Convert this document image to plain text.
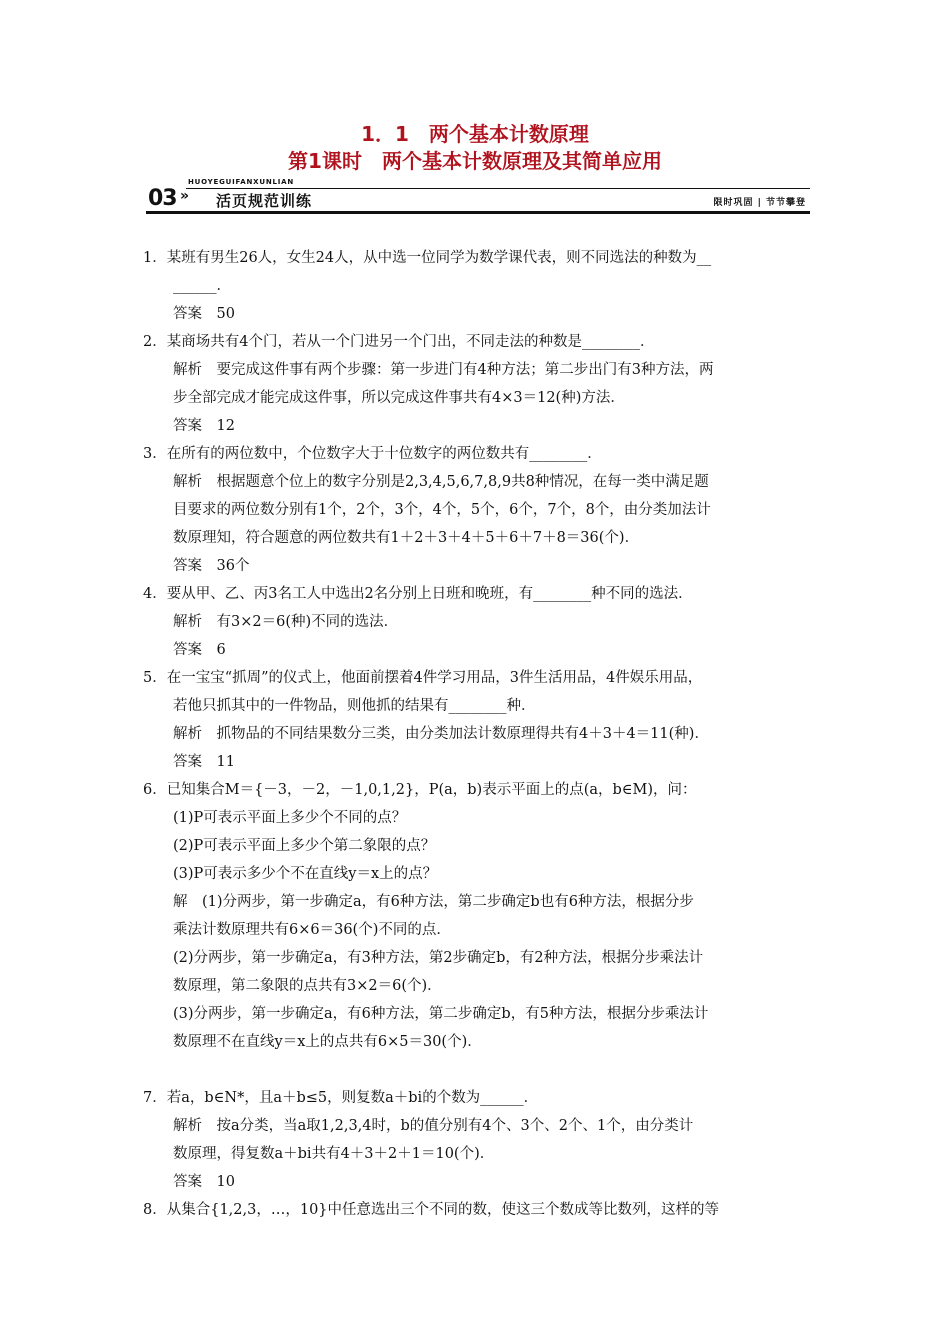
1．1　两个基本计数原理
第1课时　两个基本计数原理及其简单应用
03
HUOYEGUIFANXUNLIAN
» 活页规范训练	限时巩固 | 节节攀登
1．某班有男生26人，女生24人，从中选一位同学为数学课代表，则不同选法的种数为__
______．
答案　50
2．某商场共有4个门，若从一个门进另一个门出，不同走法的种数是________．
解析　要完成这件事有两个步骤：第一步进门有4种方法；第二步出门有3种方法，两
步全部完成才能完成这件事，所以完成这件事共有4×3＝12(种)方法．
答案　12
3．在所有的两位数中，个位数字大于十位数字的两位数共有________．
解析　根据题意个位上的数字分别是2,3,4,5,6,7,8,9共8种情况，在每一类中满足题
目要求的两位数分别有1个，2个，3个，4个，5个，6个，7个，8个，由分类加法计
数原理知，符合题意的两位数共有1＋2＋3＋4＋5＋6＋7＋8＝36(个)．
答案　36个
4．要从甲、乙、丙3名工人中选出2名分别上日班和晚班，有________种不同的选法．
解析　有3×2＝6(种)不同的选法．
答案　6
5．在一宝宝“抓周”的仪式上，他面前摆着4件学习用品，3件生活用品，4件娱乐用品，
若他只抓其中的一件物品，则他抓的结果有________种．
解析　抓物品的不同结果数分三类，由分类加法计数原理得共有4＋3＋4＝11(种)．
答案　11
6．已知集合M＝{－3，－2，－1,0,1,2}，P(a，b)表示平面上的点(a，b∈M)，问：
(1)P可表示平面上多少个不同的点？
(2)P可表示平面上多少个第二象限的点？
(3)P可表示多少个不在直线y＝x上的点？
解　(1)分两步，第一步确定a，有6种方法，第二步确定b也有6种方法，根据分步
乘法计数原理共有6×6＝36(个)不同的点．
(2)分两步，第一步确定a，有3种方法，第2步确定b，有2种方法，根据分步乘法计
数原理，第二象限的点共有3×2＝6(个)．
(3)分两步，第一步确定a，有6种方法，第二步确定b，有5种方法，根据分步乘法计
数原理不在直线y＝x上的点共有6×5＝30(个)．
7．若a，b∈N*，且a＋b≤5，则复数a＋bi的个数为______．
解析　按a分类，当a取1,2,3,4时，b的值分别有4个、3个、2个、1个，由分类计
数原理，得复数a＋bi共有4＋3＋2＋1＝10(个)．
答案　10
8．从集合{1,2,3，…，10}中任意选出三个不同的数，使这三个数成等比数列，这样的等
